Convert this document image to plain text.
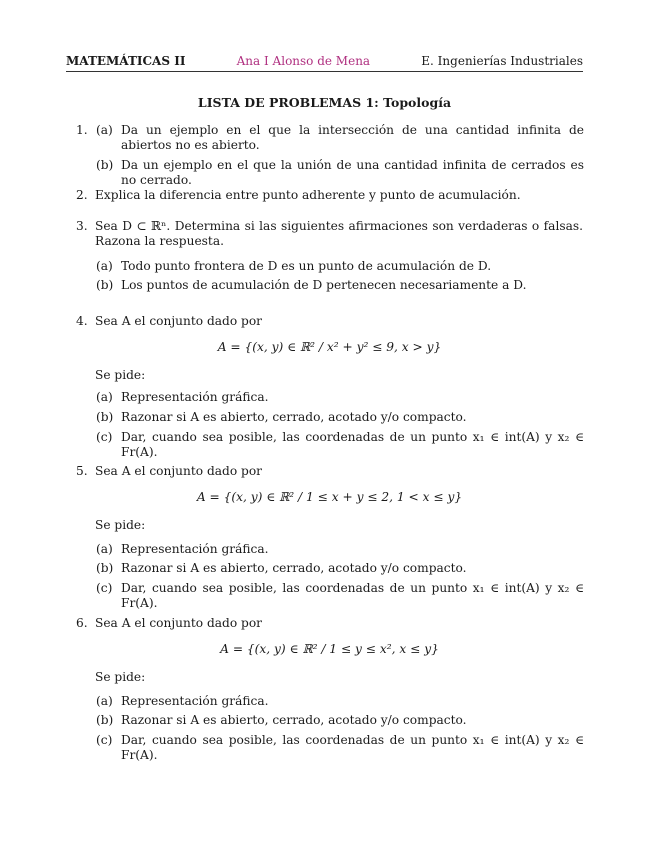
MATEMÁTICAS II	Ana I Alonso de Mena	E. Ingenierías Industriales
LISTA DE PROBLEMAS 1: Topología
1. (a) Da un ejemplo en el que la intersección de una cantidad infinita de abiertos no es abierto.
(b) Da un ejemplo en el que la unión de una cantidad infinita de cerrados es no cerrado.
2. Explica la diferencia entre punto adherente y punto de acumulación.
3. Sea D ⊂ ℝⁿ. Determina si las siguientes afirmaciones son verdaderas o falsas. Razona la respuesta.
(a) Todo punto frontera de D es un punto de acumulación de D.
(b) Los puntos de acumulación de D pertenecen necesariamente a D.
4. Sea A el conjunto dado por
A = {(x, y) ∈ ℝ² / x² + y² ≤ 9, x > y}
Se pide:
(a) Representación gráfica.
(b) Razonar si A es abierto, cerrado, acotado y/o compacto.
(c) Dar, cuando sea posible, las coordenadas de un punto x₁ ∈ int(A) y x₂ ∈ Fr(A).
5. Sea A el conjunto dado por
A = {(x, y) ∈ ℝ² / 1 ≤ x + y ≤ 2, 1 < x ≤ y}
Se pide:
(a) Representación gráfica.
(b) Razonar si A es abierto, cerrado, acotado y/o compacto.
(c) Dar, cuando sea posible, las coordenadas de un punto x₁ ∈ int(A) y x₂ ∈ Fr(A).
6. Sea A el conjunto dado por
A = {(x, y) ∈ ℝ² / 1 ≤ y ≤ x², x ≤ y}
Se pide:
(a) Representación gráfica.
(b) Razonar si A es abierto, cerrado, acotado y/o compacto.
(c) Dar, cuando sea posible, las coordenadas de un punto x₁ ∈ int(A) y x₂ ∈ Fr(A).
